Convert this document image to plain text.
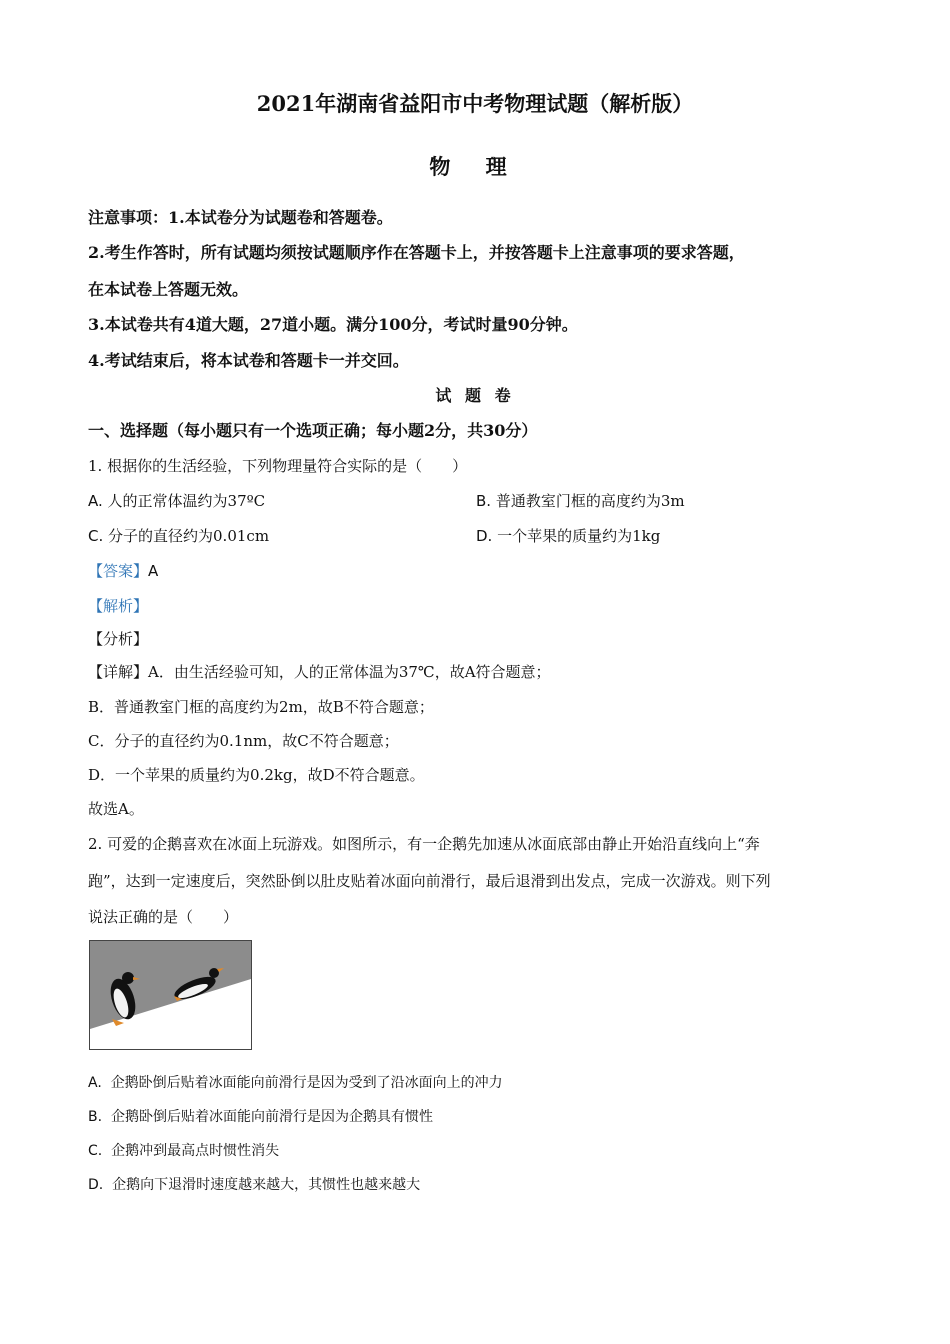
2021年湖南省益阳市中考物理试题（解析版）
物 理
注意事项：1.本试卷分为试题卷和答题卷。
2.考生作答时，所有试题均须按试题顺序作在答题卡上，并按答题卡上注意事项的要求答题，
在本试卷上答题无效。
3.本试卷共有4道大题，27道小题。满分100分，考试时量90分钟。
4.考试结束后，将本试卷和答题卡一并交回。
试 题 卷
一、选择题（每小题只有一个选项正确；每小题2分，共30分）
1. 根据你的生活经验，下列物理量符合实际的是（　　）
A. 人的正常体温约为37ºC	B. 普通教室门框的高度约为3m
C. 分子的直径约为0.01cm	D. 一个苹果的质量约为1kg
【答案】A
【解析】
【分析】
【详解】A．由生活经验可知，人的正常体温为37℃，故A符合题意；
B．普通教室门框的高度约为2m，故B不符合题意；
C．分子的直径约为0.1nm，故C不符合题意；
D．一个苹果的质量约为0.2kg，故D不符合题意。
故选A。
2. 可爱的企鹅喜欢在冰面上玩游戏。如图所示，有一企鹅先加速从冰面底部由静止开始沿直线向上“奔
跑”，达到一定速度后，突然卧倒以肚皮贴着冰面向前滑行，最后退滑到出发点，完成一次游戏。则下列
说法正确的是（　　）
A. 企鹅卧倒后贴着冰面能向前滑行是因为受到了沿冰面向上的冲力
B. 企鹅卧倒后贴着冰面能向前滑行是因为企鹅具有惯性
C. 企鹅冲到最高点时惯性消失
D. 企鹅向下退滑时速度越来越大，其惯性也越来越大
